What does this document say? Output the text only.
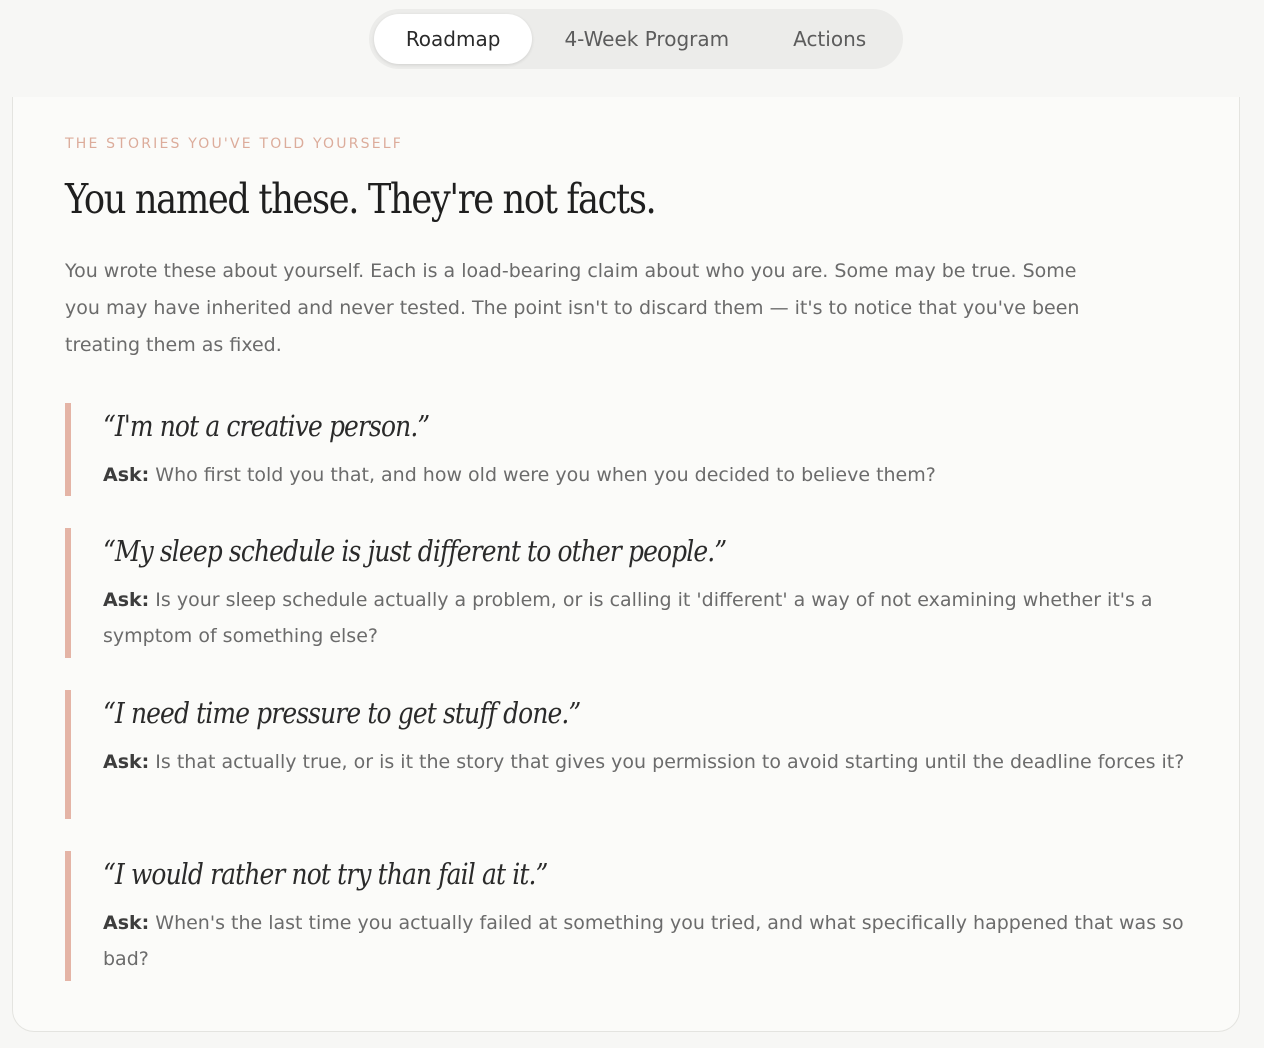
Roadmap	4-Week Program	Actions
THE STORIES YOU'VE TOLD YOURSELF
You named these. They're not facts.

You wrote these about yourself. Each is a load-bearing claim about who you are. Some may be true. Some you may have inherited and never tested. The point isn't to discard them — it's to notice that you've been treating them as fixed.

“I'm not a creative person.”
Ask: Who first told you that, and how old were you when you decided to believe them?
“My sleep schedule is just different to other people.”
Ask: Is your sleep schedule actually a problem, or is calling it 'different' a way of not examining whether it's a symptom of something else?
“I need time pressure to get stuff done.”
Ask: Is that actually true, or is it the story that gives you permission to avoid starting until the deadline forces it?
“I would rather not try than fail at it.”
Ask: When's the last time you actually failed at something you tried, and what specifically happened that was so bad?
